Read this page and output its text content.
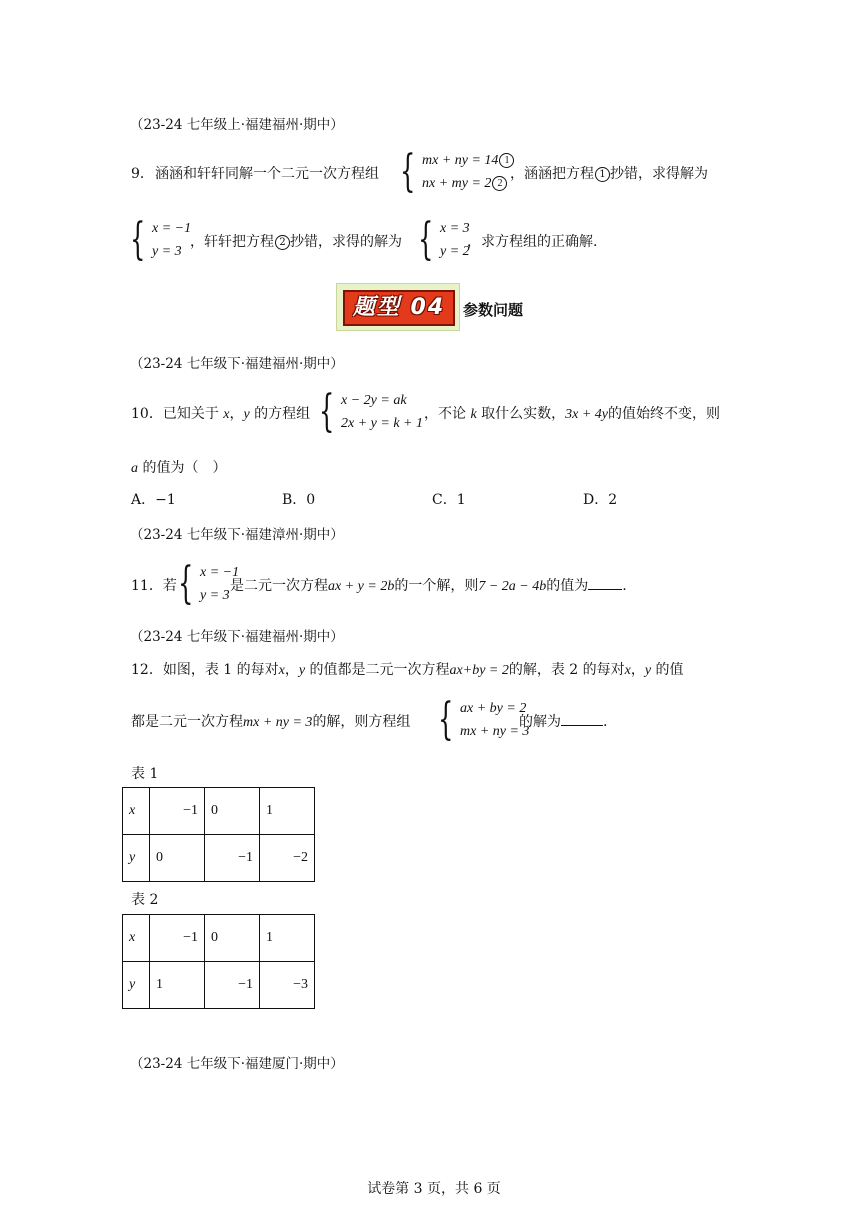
（23-24 七年级上·福建福州·期中）
9． 涵涵和轩轩同解一个二元一次方程组 { mx + ny = 14 1
nx + my = 2 2
，涵涵把方程 1 抄错，求得解为
{ x = −1
y = 3
，轩轩把方程 2 抄错，求得的解为 { x = 3
y = 2
，求方程组的正确解.
题型 04	参数问题
（23-24 七年级下·福建福州·期中）
10．已知关于 x，y 的方程组 { x − 2y = ak
2x + y = k + 1
，不论 k 取什么实数，3x + 4y的值始终不变，则
a 的值为（　）
A．−1	B．0	C．1	D．2
（23-24 七年级下·福建漳州·期中）
11．若 { x = −1
y = 3
是二元一次方程ax + y = 2b的一个解，则7 − 2a − 4b的值为 .
（23-24 七年级下·福建福州·期中）
12．如图，表 1 的每对x，y 的值都是二元一次方程ax+by = 2的解，表 2 的每对x，y 的值
都是二元一次方程mx + ny = 3的解，则方程组 { ax + by = 2
mx + ny = 3
的解为	.
表 1
x	−1	0	1
y	0	−1	−2
表 2
x	−1	0	1
y	1	−1	−3
（23-24 七年级下·福建厦门·期中）
试卷第 3 页，共 6 页
